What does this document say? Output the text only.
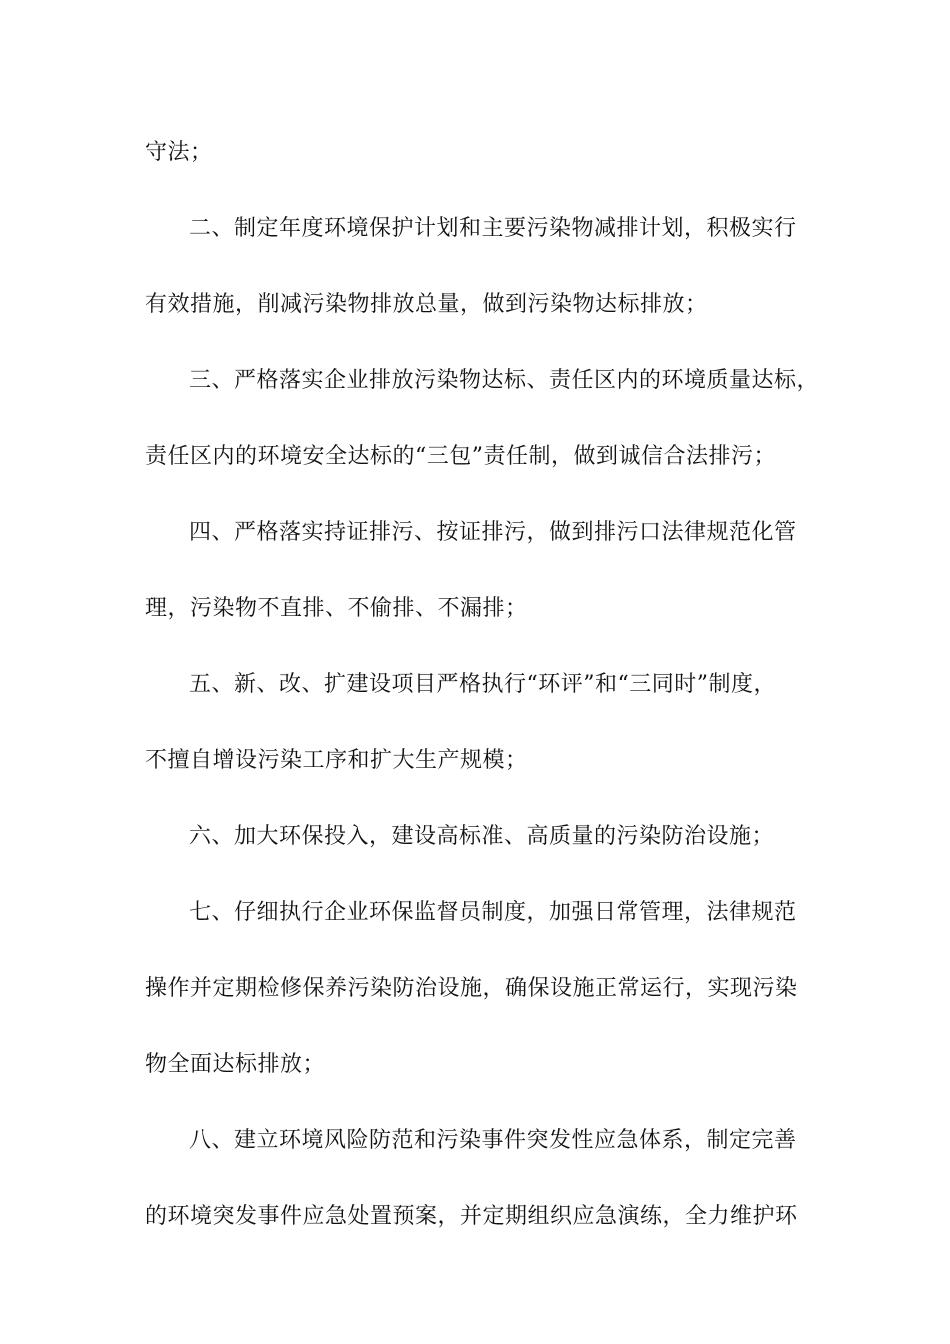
守法；
二、制定年度环境保护计划和主要污染物减排计划，积极实行
有效措施，削减污染物排放总量，做到污染物达标排放；
三、严格落实企业排放污染物达标、责任区内的环境质量达标，
责任区内的环境安全达标的“三包”责任制，做到诚信合法排污；
四、严格落实持证排污、按证排污，做到排污口法律规范化管
理，污染物不直排、不偷排、不漏排；
五、新、改、扩建设项目严格执行“环评”和“三同时”制度，
不擅自增设污染工序和扩大生产规模；
六、加大环保投入，建设高标准、高质量的污染防治设施；
七、仔细执行企业环保监督员制度，加强日常管理，法律规范
操作并定期检修保养污染防治设施，确保设施正常运行，实现污染
物全面达标排放；
八、建立环境风险防范和污染事件突发性应急体系，制定完善
的环境突发事件应急处置预案，并定期组织应急演练，全力维护环
